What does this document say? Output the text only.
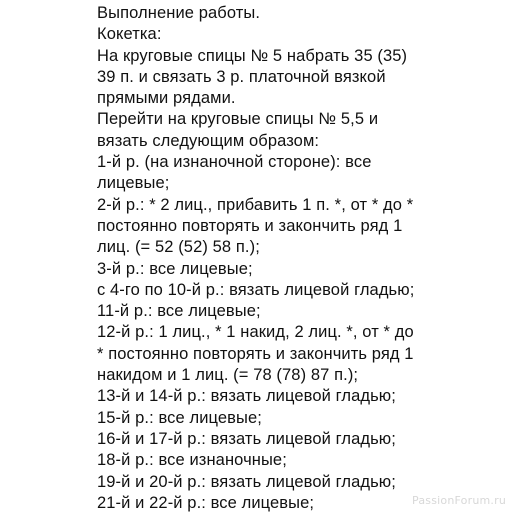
Выполнение работы.
Кокетка:
На круговые спицы № 5 набрать 35 (35)
39 п. и связать 3 р. платочной вязкой
прямыми рядами.
Перейти на круговые спицы № 5,5 и
вязать следующим образом:
1-й р. (на изнаночной стороне): все
лицевые;
2-й р.: * 2 лиц., прибавить 1 п. *, от * до *
постоянно повторять и закончить ряд 1
лиц. (= 52 (52) 58 п.);
3-й р.: все лицевые;
с 4-го по 10-й р.: вязать лицевой гладью;
11-й р.: все лицевые;
12-й р.: 1 лиц., * 1 накид, 2 лиц. *, от * до
* постоянно повторять и закончить ряд 1
накидом и 1 лиц. (= 78 (78) 87 п.);
13-й и 14-й р.: вязать лицевой гладью;
15-й р.: все лицевые;
16-й и 17-й р.: вязать лицевой гладью;
18-й р.: все изнаночные;
19-й и 20-й р.: вязать лицевой гладью;
21-й и 22-й р.: все лицевые;	PassionForum.ru
